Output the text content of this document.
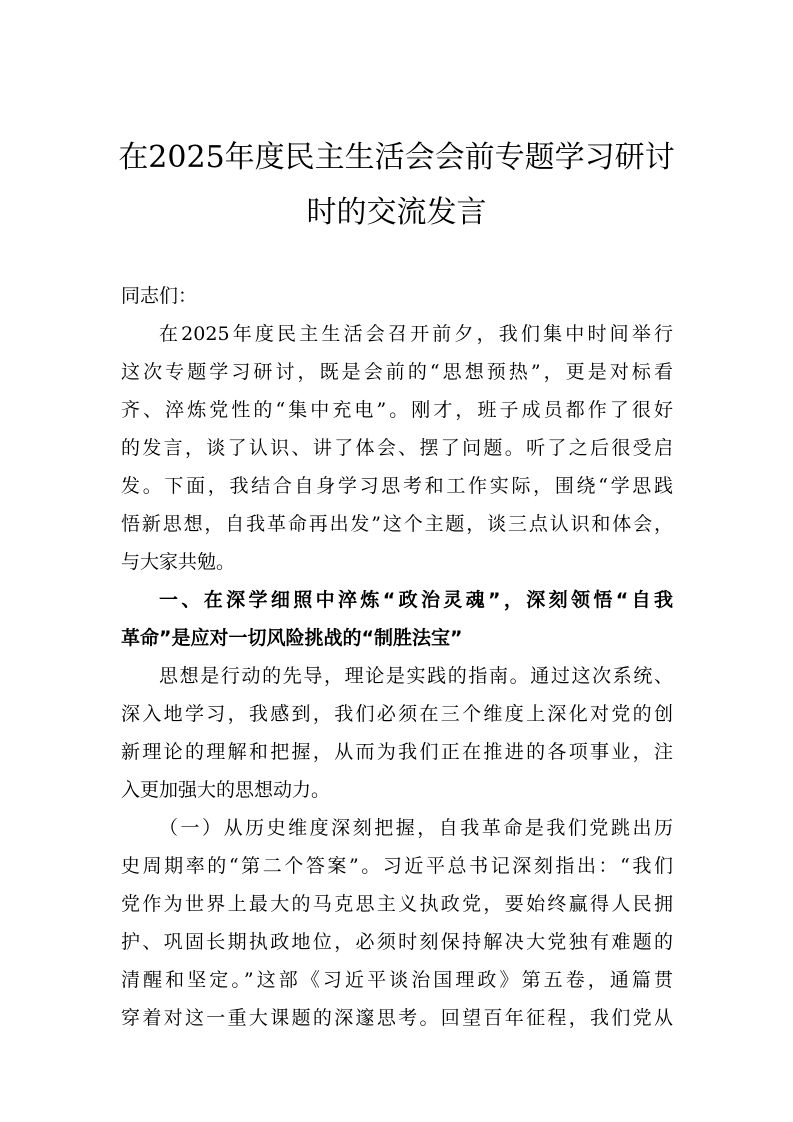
在2025年度民主生活会会前专题学习研讨
时的交流发言
同志们：
在2025年度民主生活会召开前夕，我们集中时间举行
这次专题学习研讨，既是会前的“思想预热”，更是对标看
齐、淬炼党性的“集中充电”。刚才，班子成员都作了很好
的发言，谈了认识、讲了体会、摆了问题。听了之后很受启
发。下面，我结合自身学习思考和工作实际，围绕“学思践
悟新思想，自我革命再出发”这个主题，谈三点认识和体会，
与大家共勉。
一、在深学细照中淬炼“政治灵魂”，深刻领悟“自我
革命”是应对一切风险挑战的“制胜法宝”
思想是行动的先导，理论是实践的指南。通过这次系统、
深入地学习，我感到，我们必须在三个维度上深化对党的创
新理论的理解和把握，从而为我们正在推进的各项事业，注
入更加强大的思想动力。
（一）从历史维度深刻把握，自我革命是我们党跳出历
史周期率的“第二个答案”。习近平总书记深刻指出：“我们
党作为世界上最大的马克思主义执政党，要始终赢得人民拥
护、巩固长期执政地位，必须时刻保持解决大党独有难题的
清醒和坚定。”这部《习近平谈治国理政》第五卷，通篇贯
穿着对这一重大课题的深邃思考。回望百年征程，我们党从
